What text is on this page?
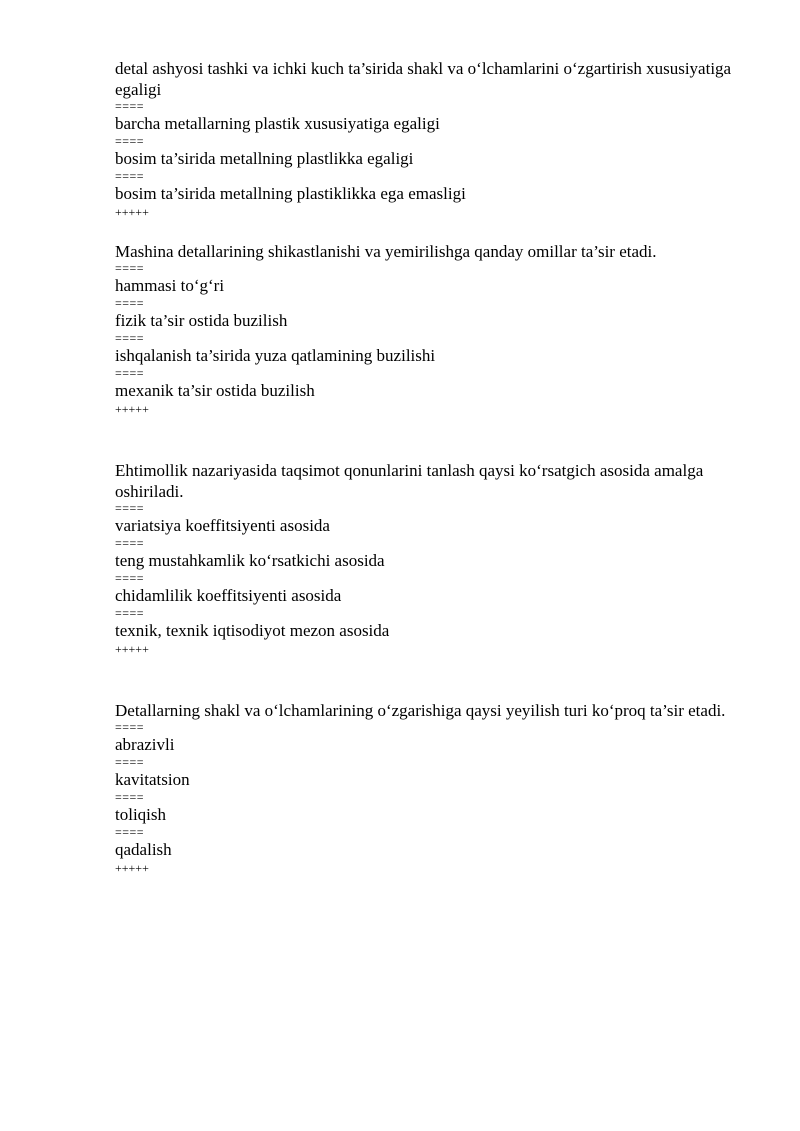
detal ashyosi tashki va ichki kuch ta’sirida shakl va oʻlchamlarini oʻzgartirish xususiyatiga egaligi

====

barcha metallarning plastik xususiyatiga egaligi

====

bosim ta’sirida metallning plastlikka egaligi

====

bosim ta’sirida metallning plastiklikka ega emasligi

+++++

Mashina detallarining shikastlanishi va yemirilishga qanday omillar ta’sir etadi.

====

hammasi toʻgʻri

====

fizik ta’sir ostida buzilish

====

ishqalanish ta’sirida yuza qatlamining buzilishi

====

mexanik ta’sir ostida buzilish

+++++

Ehtimollik nazariyasida taqsimot qonunlarini tanlash qaysi koʻrsatgich asosida amalga oshiriladi.

====

variatsiya koeffitsiyenti asosida

====

teng mustahkamlik koʻrsatkichi asosida

====

chidamlilik koeffitsiyenti asosida

====

texnik, texnik iqtisodiyot mezon asosida

+++++

Detallarning shakl va oʻlchamlarining oʻzgarishiga qaysi yeyilish turi koʻproq ta’sir etadi.

====

abrazivli

====

kavitatsion

====

toliqish

====

qadalish

+++++
